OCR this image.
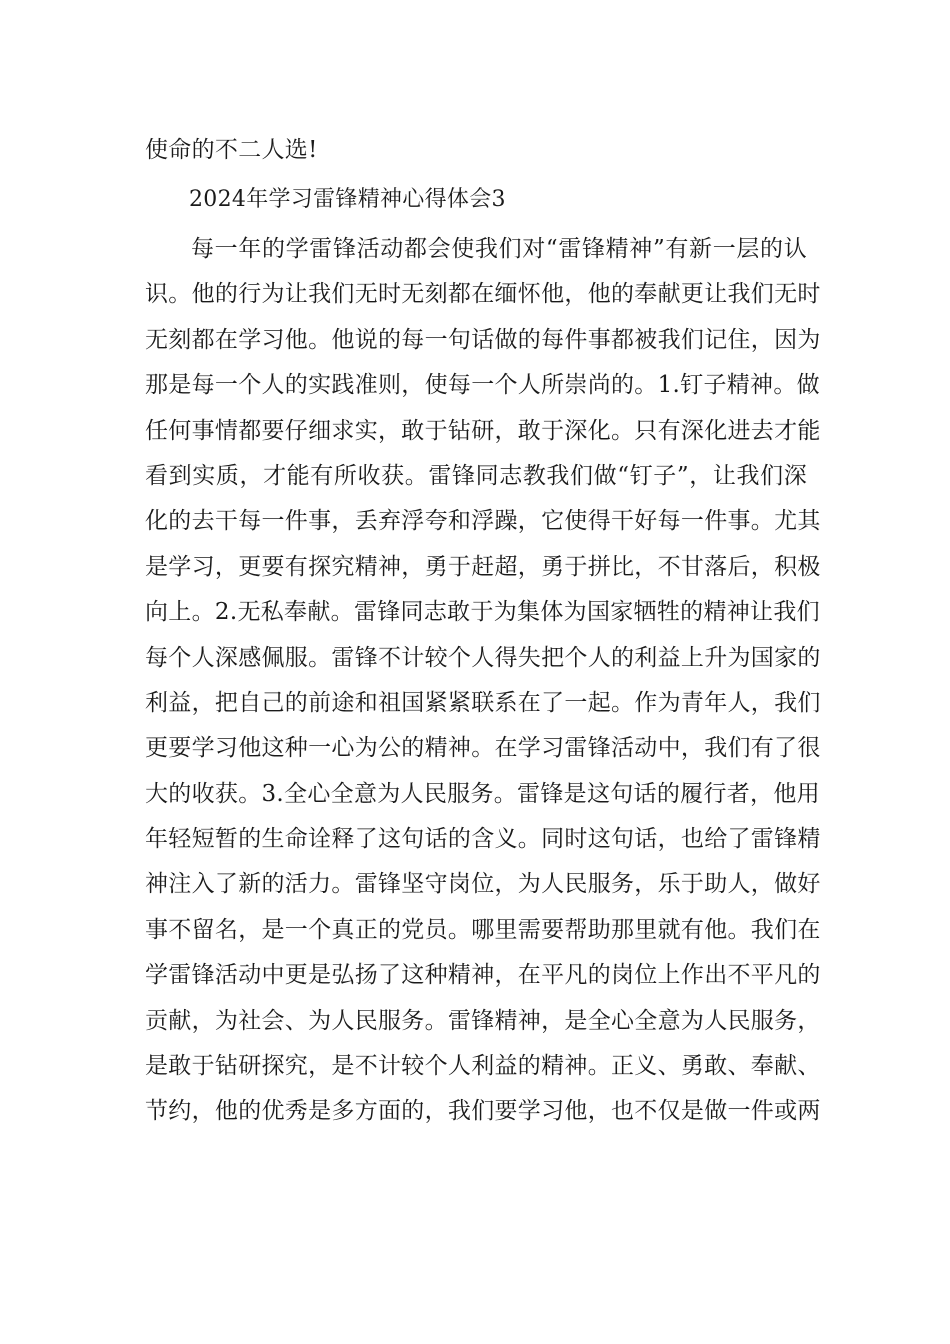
使命的不二人选!
2024年学习雷锋精神心得体会3
每一年的学雷锋活动都会使我们对“雷锋精神”有新一层的认
识。他的行为让我们无时无刻都在缅怀他，他的奉献更让我们无时
无刻都在学习他。他说的每一句话做的每件事都被我们记住，因为
那是每一个人的实践准则，使每一个人所崇尚的。1.钉子精神。做
任何事情都要仔细求实，敢于钻研，敢于深化。只有深化进去才能
看到实质，才能有所收获。雷锋同志教我们做“钉子”，让我们深
化的去干每一件事，丢弃浮夸和浮躁，它使得干好每一件事。尤其
是学习，更要有探究精神，勇于赶超，勇于拼比，不甘落后，积极
向上。2.无私奉献。雷锋同志敢于为集体为国家牺牲的精神让我们
每个人深感佩服。雷锋不计较个人得失把个人的利益上升为国家的
利益，把自己的前途和祖国紧紧联系在了一起。作为青年人，我们
更要学习他这种一心为公的精神。在学习雷锋活动中，我们有了很
大的收获。3.全心全意为人民服务。雷锋是这句话的履行者，他用
年轻短暂的生命诠释了这句话的含义。同时这句话，也给了雷锋精
神注入了新的活力。雷锋坚守岗位，为人民服务，乐于助人，做好
事不留名，是一个真正的党员。哪里需要帮助那里就有他。我们在
学雷锋活动中更是弘扬了这种精神，在平凡的岗位上作出不平凡的
贡献，为社会、为人民服务。雷锋精神，是全心全意为人民服务，
是敢于钻研探究，是不计较个人利益的精神。正义、勇敢、奉献、
节约，他的优秀是多方面的，我们要学习他，也不仅是做一件或两
